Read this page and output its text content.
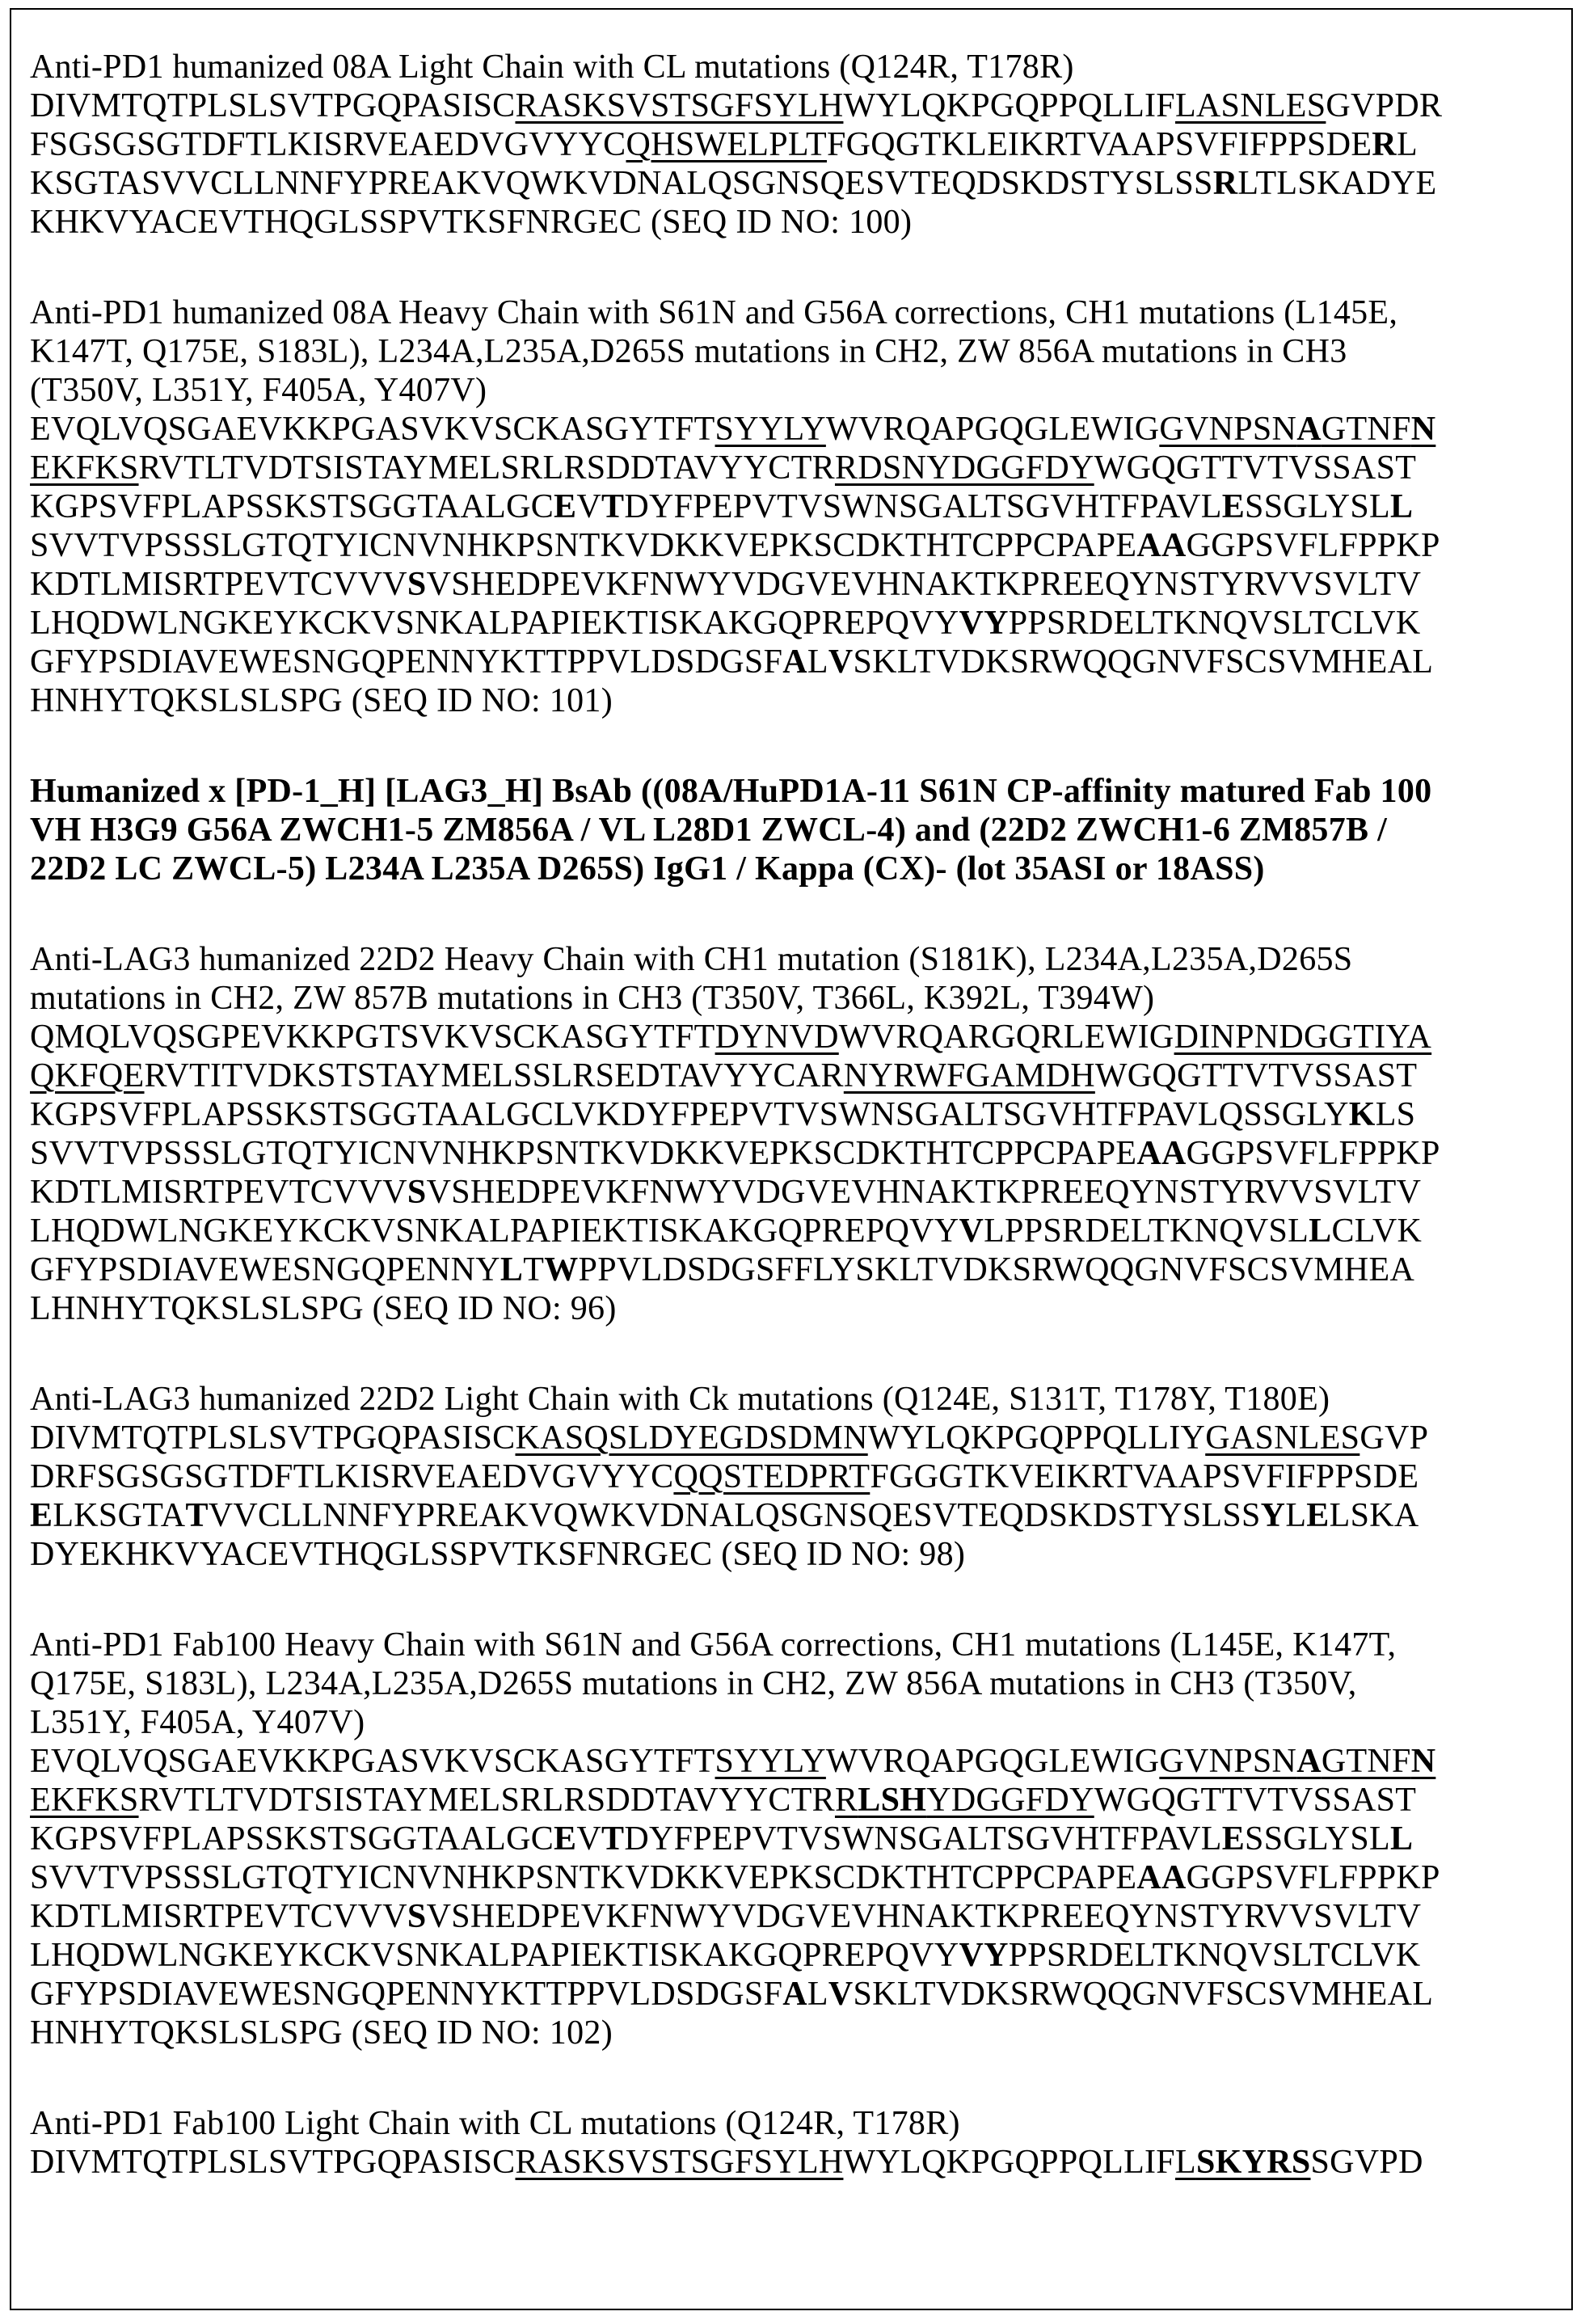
Anti-PD1 humanized 08A Light Chain with CL mutations (Q124R, T178R)
DIVMTQTPLSLSVTPGQPASISCRASKSVSTSGFSYLHWYLQKPGQPPQLLIFLASNLESGVPDR
FSGSGSGTDFTLKISRVEAEDVGVYYCQHSWELPLTFGQGTKLEIKRTVAAPSVFIFPPSDERL
KSGTASVVCLLNNFYPREAKVQWKVDNALQSGNSQESVTEQDSKDSTYSLSSRLTLSKADYE
KHKVYACEVTHQGLSSPVTKSFNRGEC (SEQ ID NO: 100)
Anti-PD1 humanized 08A Heavy Chain with S61N and G56A corrections, CH1 mutations (L145E,
K147T, Q175E, S183L), L234A,L235A,D265S mutations in CH2, ZW 856A mutations in CH3
(T350V, L351Y, F405A, Y407V)
EVQLVQSGAEVKKPGASVKVSCKASGYTFTSYYLYWVRQAPGQGLEWIGGVNPSNAGTNFN
EKFKSRVTLTVDTSISTAYMELSRLRSDDTAVYYCTRRDSNYDGGFDYWGQGTTVTVSSAST
KGPSVFPLAPSSKSTSGGTAALGCEVTDYFPEPVTVSWNSGALTSGVHTFPAVLESSGLYSLL
SVVTVPSSSLGTQTYICNVNHKPSNTKVDKKVEPKSCDKTHTCPPCPAPEAAGGPSVFLFPPKP
KDTLMISRTPEVTCVVVSVSHEDPEVKFNWYVDGVEVHNAKTKPREEQYNSTYRVVSVLTV
LHQDWLNGKEYKCKVSNKALPAPIEKTISKAKGQPREPQVYVYPPSRDELTKNQVSLTCLVK
GFYPSDIAVEWESNGQPENNYKTTPPVLDSDGSFALVSKLTVDKSRWQQGNVFSCSVMHEAL
HNHYTQKSLSLSPG (SEQ ID NO: 101)
Humanized x [PD-1_H] [LAG3_H] BsAb ((08A/HuPD1A-11 S61N CP-affinity matured Fab 100
VH H3G9 G56A ZWCH1-5 ZM856A / VL L28D1 ZWCL-4) and (22D2 ZWCH1-6 ZM857B /
22D2 LC ZWCL-5) L234A L235A D265S) IgG1 / Kappa (CX)- (lot 35ASI or 18ASS)
Anti-LAG3 humanized 22D2 Heavy Chain with CH1 mutation (S181K), L234A,L235A,D265S
mutations in CH2, ZW 857B mutations in CH3 (T350V, T366L, K392L, T394W)
QMQLVQSGPEVKKPGTSVKVSCKASGYTFTDYNVDWVRQARGQRLEWIGDINPNDGGTIYA
QKFQERVTITVDKSTSTAYMELSSLRSEDTAVYYCARNYRWFGAMDHWGQGTTVTVSSAST
KGPSVFPLAPSSKSTSGGTAALGCLVKDYFPEPVTVSWNSGALTSGVHTFPAVLQSSGLYKLS
SVVTVPSSSLGTQTYICNVNHKPSNTKVDKKVEPKSCDKTHTCPPCPAPEAAGGPSVFLFPPKP
KDTLMISRTPEVTCVVVSVSHEDPEVKFNWYVDGVEVHNAKTKPREEQYNSTYRVVSVLTV
LHQDWLNGKEYKCKVSNKALPAPIEKTISKAKGQPREPQVYVLPPSRDELTKNQVSLLCLVK
GFYPSDIAVEWESNGQPENNYLTWPPVLDSDGSFFLYSKLTVDKSRWQQGNVFSCSVMHEA
LHNHYTQKSLSLSPG (SEQ ID NO: 96)
Anti-LAG3 humanized 22D2 Light Chain with Ck mutations (Q124E, S131T, T178Y, T180E)
DIVMTQTPLSLSVTPGQPASISCKASQSLDYEGDSDMNWYLQKPGQPPQLLIYGASNLESGVP
DRFSGSGSGTDFTLKISRVEAEDVGVYYCQQSTEDPRTFGGGTKVEIKRTVAAPSVFIFPPSDE
ELKSGTATVVCLLNNFYPREAKVQWKVDNALQSGNSQESVTEQDSKDSTYSLSSYLELSKA
DYEKHKVYACEVTHQGLSSPVTKSFNRGEC (SEQ ID NO: 98)
Anti-PD1 Fab100 Heavy Chain with S61N and G56A corrections, CH1 mutations (L145E, K147T,
Q175E, S183L), L234A,L235A,D265S mutations in CH2, ZW 856A mutations in CH3 (T350V,
L351Y, F405A, Y407V)
EVQLVQSGAEVKKPGASVKVSCKASGYTFTSYYLYWVRQAPGQGLEWIGGVNPSNAGTNFN
EKFKSRVTLTVDTSISTAYMELSRLRSDDTAVYYCTRRLSHYDGGFDYWGQGTTVTVSSAST
KGPSVFPLAPSSKSTSGGTAALGCEVTDYFPEPVTVSWNSGALTSGVHTFPAVLESSGLYSLL
SVVTVPSSSLGTQTYICNVNHKPSNTKVDKKVEPKSCDKTHTCPPCPAPEAAGGPSVFLFPPKP
KDTLMISRTPEVTCVVVSVSHEDPEVKFNWYVDGVEVHNAKTKPREEQYNSTYRVVSVLTV
LHQDWLNGKEYKCKVSNKALPAPIEKTISKAKGQPREPQVYVYPPSRDELTKNQVSLTCLVK
GFYPSDIAVEWESNGQPENNYKTTPPVLDSDGSFALVSKLTVDKSRWQQGNVFSCSVMHEAL
HNHYTQKSLSLSPG (SEQ ID NO: 102)
Anti-PD1 Fab100 Light Chain with CL mutations (Q124R, T178R)
DIVMTQTPLSLSVTPGQPASISCRASKSVSTSGFSYLHWYLQKPGQPPQLLIFLSKYRSSGVPD
